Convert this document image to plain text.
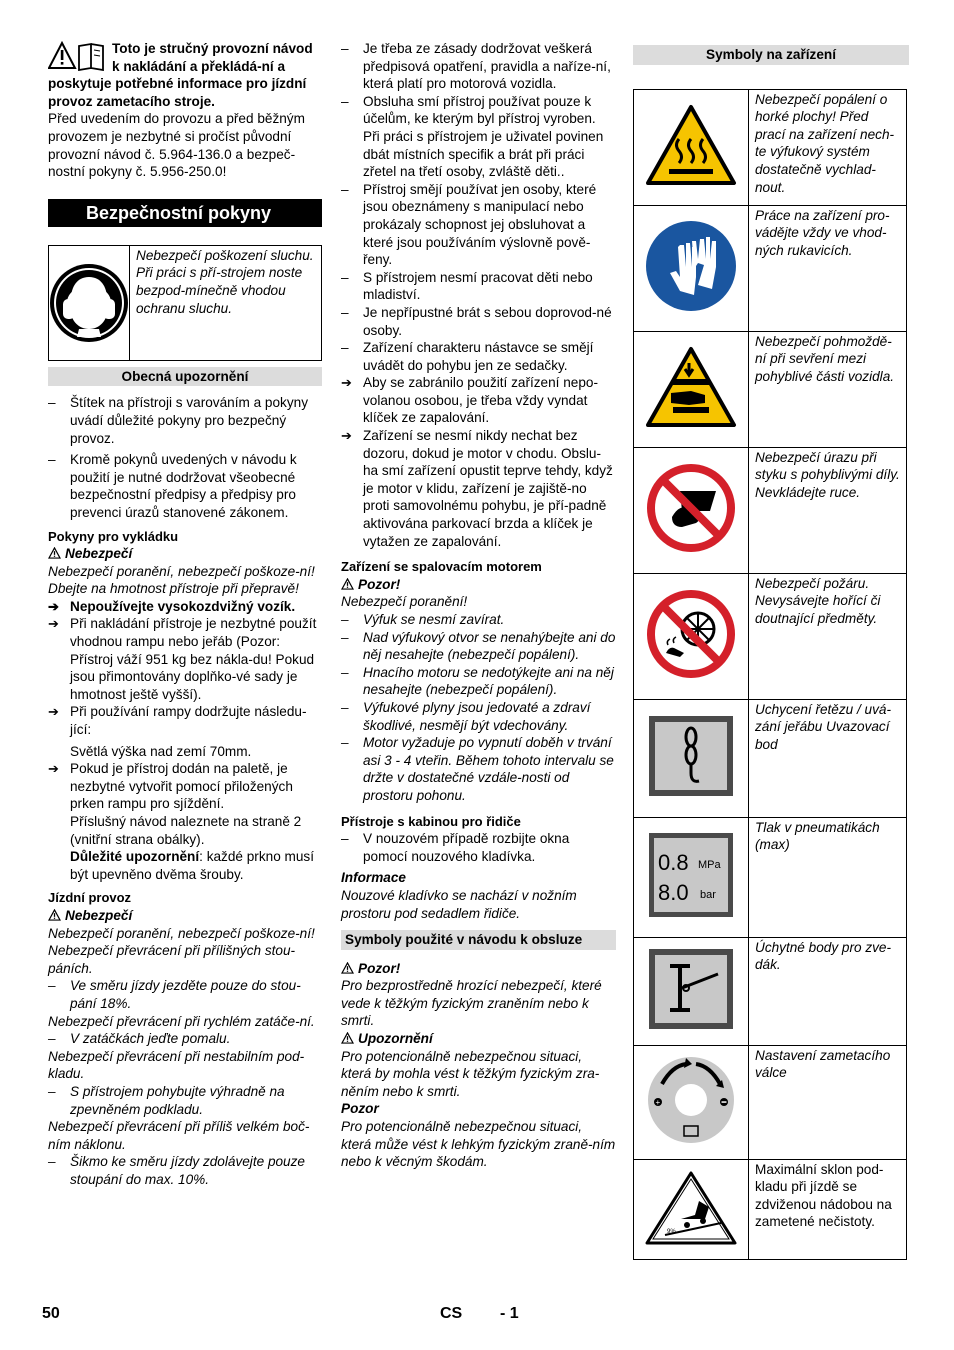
Toto je stručný provozní návod k nakládání a překládá-ní a poskytuje potřebné informace pro jízdní provoz zametacího stroje.

Před uvedením do provozu a před běžným provozem je nezbytné si pročíst původní provozní návod č. 5.964-136.0 a bezpeč-nostní pokyny č. 5.956-250.0!

Bezpečnostní pokyny
Nebezpečí poškození sluchu. Při práci s pří-strojem noste bezpod-mínečně vhodou ochranu sluchu.
Obecná upozornění

– Štítek na přístroji s varováním a pokyny uvádí důležité pokyny pro bezpečný provoz.

– Kromě pokynů uvedených v návodu k použití je nutné dodržovat všeobecné bezpečnostní předpisy a předpisy pro prevenci úrazů stanovené zákonem.

Pokyny pro vykládku

Nebezpečí

Nebezpečí poranění, nebezpečí poškoze-ní!

Dbejte na hmotnost přístroje při přepravě!

➔ Nepoužívejte vysokozdvižný vozík.

➔ Při nakládání přístroje je nezbytné použít vhodnou rampu nebo jeřáb (Pozor: Přístroj váží 951 kg bez nákla-du! Pokud jsou přimontovány doplňko-vé sady je hmotnost ještě vyšší).

➔ Při používání rampy dodržujte následu-jící:

Světlá výška nad zemí 70mm.

➔ Pokud je přístroj dodán na paletě, je nezbytné vytvořit pomocí přiložených prken rampu pro sjíždění.

Příslušný návod naleznete na straně 2 (vnitřní strana obálky).

Důležité upozornění: každé prkno musí být upevněno dvěma šrouby.

Jízdní provoz

Nebezpečí

Nebezpečí poranění, nebezpečí poškoze-ní!

Nebezpečí převrácení při přílišných stou-páních.

– Ve směru jízdy jezděte pouze do stou-pání 18%.

Nebezpečí převrácení při rychlém zatáče-ní.

– V zatáčkách jeďte pomalu.

Nebezpečí převrácení při nestabilním pod-kladu.

– S přístrojem pohybujte výhradně na zpevněném podkladu.

Nebezpečí převrácení při příliš velkém boč-ním náklonu.

– Šikmo ke směru jízdy zdolávejte pouze stoupání do max. 10%.

– Je třeba ze zásady dodržovat veškerá předpisová opatření, pravidla a naříze-ní, která platí pro motorová vozidla.

– Obsluha smí přístroj používat pouze k účelům, ke kterým byl přístroj vyroben. Při práci s přístrojem je uživatel povinen dbát místních specifik a brát při práci zřetel na třetí osoby, zvláště děti..

– Přístroj smějí používat jen osoby, které jsou obeznámeny s manipulací nebo prokázaly schopnost jej obsluhovat a které jsou používáním výslovně pově-řeny.

– S přístrojem nesmí pracovat děti nebo mladiství.

– Je nepřípustné brát s sebou doprovod-né osoby.

– Zařízení charakteru nástavce se smějí uvádět do pohybu jen ze sedačky.

➔ Aby se zabránilo použití zařízení nepo-volanou osobou, je třeba vždy vyndat klíček ze zapalování.

➔ Zařízení se nesmí nikdy nechat bez dozoru, dokud je motor v chodu. Obslu-ha smí zařízení opustit teprve tehdy, když je motor v klidu, zařízení je zajiště-no proti samovolnému pohybu, je pří-padně aktivována parkovací brzda a klíček je vytažen ze zapalování.

Zařízení se spalovacím motorem

Pozor!

Nebezpečí poranění!

– Výfuk se nesmí zavírat.

– Nad výfukový otvor se nenahýbejte ani do něj nesahejte (nebezpečí popálení).

– Hnacího motoru se nedotýkejte ani na něj nesahejte (nebezpečí popálení).

– Výfukové plyny jsou jedovaté a zdraví škodlivé, nesmějí být vdechovány.

– Motor vyžaduje po vypnutí doběh v trvání asi 3 - 4 vteřin. Během tohoto intervalu se držte v dostatečné vzdále-nosti od prostoru pohonu.

Přístroje s kabinou pro řidiče

– V nouzovém případě rozbijte okna pomocí nouzového kladívka.

Informace

Nouzové kladívko se nachází v nožním prostoru pod sedadlem řidiče.

Symboly použité v návodu k obsluze

Pozor!

Pro bezprostředně hrozící nebezpečí, které vede k těžkým fyzickým zraněním nebo k smrti.

Upozornění

Pro potencionálně nebezpečnou situaci, která by mohla vést k těžkým fyzickým zra-něním nebo k smrti.

Pozor

Pro potencionálně nebezpečnou situaci, která může vést k lehkým fyzickým zraně-ním nebo k věcným škodám.

Symboly na zařízení
	Nebezpečí popálení o horké plochy! Před prací na zařízení nech-te výfukový systém dostatečně vychlad-nout.
	Práce na zařízení pro-vádějte vždy ve vhod-ných rukavicích.
	Nebezpečí pohmoždě-ní při sevření mezi pohyblivé části vozidla.
	Nebezpečí úrazu při styku s pohyblivými díly. Nevkládejte ruce.
	Nebezpečí požáru. Nevysávejte hořící či doutnající předměty.
	Uchycení řetězu / uvá-zání jeřábu Uvazovací bod

0.8 MPa
8.0 bar	Tlak v pneumatikách (max)
	Úchytné body pro zve-dák.

+	Nastavení zametacího válce

9%	Maximální sklon pod-kladu při jízdě se zdviženou nádobou na zametené nečistoty.
50	CS - 1
